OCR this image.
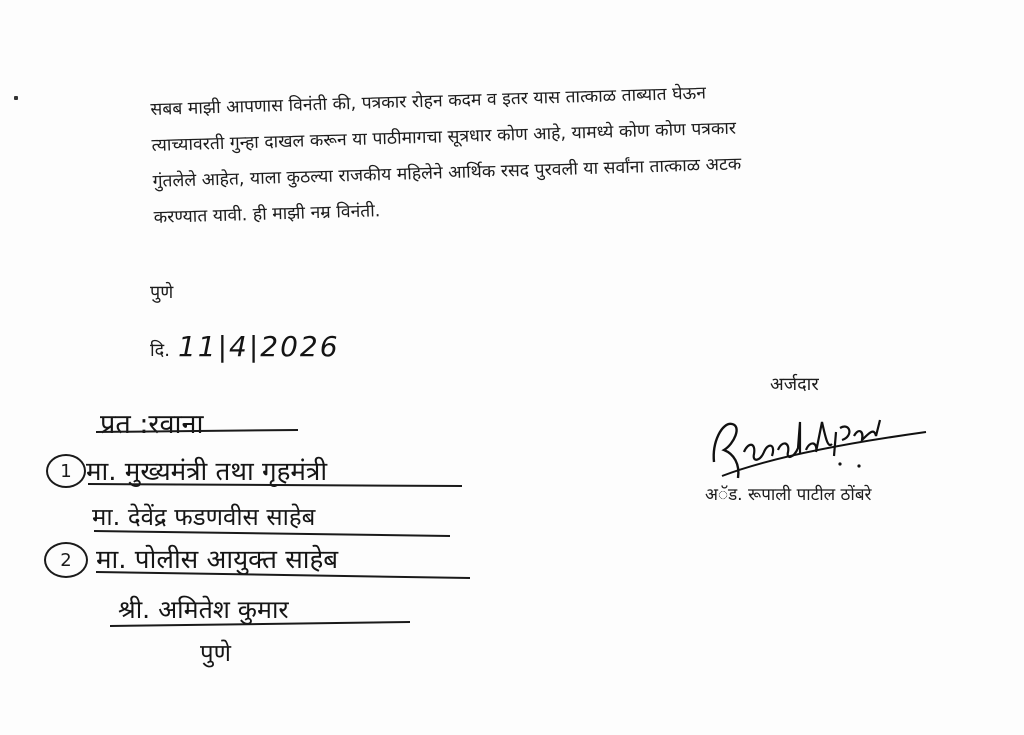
सबब माझी आपणास विनंती की, पत्रकार रोहन कदम व इतर यास तात्काळ ताब्यात घेऊन

त्याच्यावरती गुन्हा दाखल करून या पाठीमागचा सूत्रधार कोण आहे, यामध्ये कोण कोण पत्रकार

गुंतलेले आहेत, याला कुठल्या राजकीय महिलेने आर्थिक रसद पुरवली या सर्वांना तात्काळ अटक

करण्यात यावी. ही माझी नम्र विनंती.

पुणे
दि. 11|4|2026
अर्जदार
अॅड. रूपाली पाटील ठोंबरे
प्रत :रवाना
1 मा. मुख्यमंत्री तथा गृहमंत्री
मा. देवेंद्र फडणवीस साहेब
2 मा. पोलीस आयुक्त साहेब
श्री. अमितेश कुमार
पुणे
